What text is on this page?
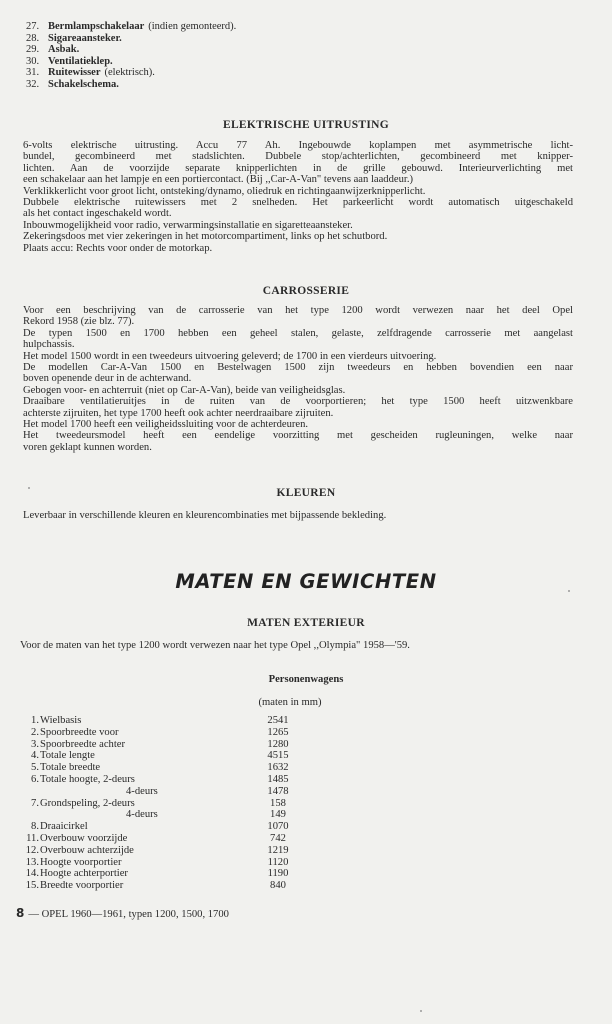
27. Bermlampschakelaar (indien gemonteerd).
28. Sigareaansteker.
29. Asbak.
30. Ventilatieklep.
31. Ruitewisser (elektrisch).
32. Schakelschema.
ELEKTRISCHE UITRUSTING
6-volts elektrische uitrusting. Accu 77 Ah. Ingebouwde koplampen met asymmetrische licht-
bundel, gecombineerd met stadslichten. Dubbele stop/achterlichten, gecombineerd met knipper-
lichten. Aan de voorzijde separate knipperlichten in de grille gebouwd. Interieurverlichting met
een schakelaar aan het lampje en een portiercontact. (Bij ,,Car-A-Van" tevens aan laaddeur.)
Verklikkerlicht voor groot licht, ontsteking/dynamo, oliedruk en richtingaanwijzerknipperlicht.
Dubbele elektrische ruitewissers met 2 snelheden. Het parkeerlicht wordt automatisch uitgeschakeld
als het contact ingeschakeld wordt.
Inbouwmogelijkheid voor radio, verwarmingsinstallatie en sigaretteaansteker.
Zekeringsdoos met vier zekeringen in het motorcompartiment, links op het schutbord.
Plaats accu: Rechts voor onder de motorkap.
CARROSSERIE
Voor een beschrijving van de carrosserie van het type 1200 wordt verwezen naar het deel Opel
Rekord 1958 (zie blz. 77).
De typen 1500 en 1700 hebben een geheel stalen, gelaste, zelfdragende carrosserie met aangelast
hulpchassis.
Het model 1500 wordt in een tweedeurs uitvoering geleverd; de 1700 in een vierdeurs uitvoering.
De modellen Car-A-Van 1500 en Bestelwagen 1500 zijn tweedeurs en hebben bovendien een naar
boven openende deur in de achterwand.
Gebogen voor- en achterruit (niet op Car-A-Van), beide van veiligheidsglas.
Draaibare ventilatieruitjes in de ruiten van de voorportieren; het type 1500 heeft uitzwenkbare
achterste zijruiten, het type 1700 heeft ook achter neerdraaibare zijruiten.
Het model 1700 heeft een veiligheidssluiting voor de achterdeuren.
Het tweedeursmodel heeft een eendelige voorzitting met gescheiden rugleuningen, welke naar
voren geklapt kunnen worden.
KLEUREN
Leverbaar in verschillende kleuren en kleurencombinaties met bijpassende bekleding.
MATEN EN GEWICHTEN
MATEN EXTERIEUR
Voor de maten van het type 1200 wordt verwezen naar het type Opel ,,Olympia" 1958—'59.
Personenwagens
(maten in mm)
1. Wielbasis	2541
2. Spoorbreedte voor	1265
3. Spoorbreedte achter	1280
4. Totale lengte	4515
5. Totale breedte	1632
6. Totale hoogte, 2-deurs	1485
4-deurs	1478
7. Grondspeling, 2-deurs	158
4-deurs	149
8. Draaicirkel	1070
11. Overbouw voorzijde	742
12. Overbouw achterzijde	1219
13. Hoogte voorportier	1120
14. Hoogte achterportier	1190
15. Breedte voorportier	840
8 — OPEL 1960—1961, typen 1200, 1500, 1700
